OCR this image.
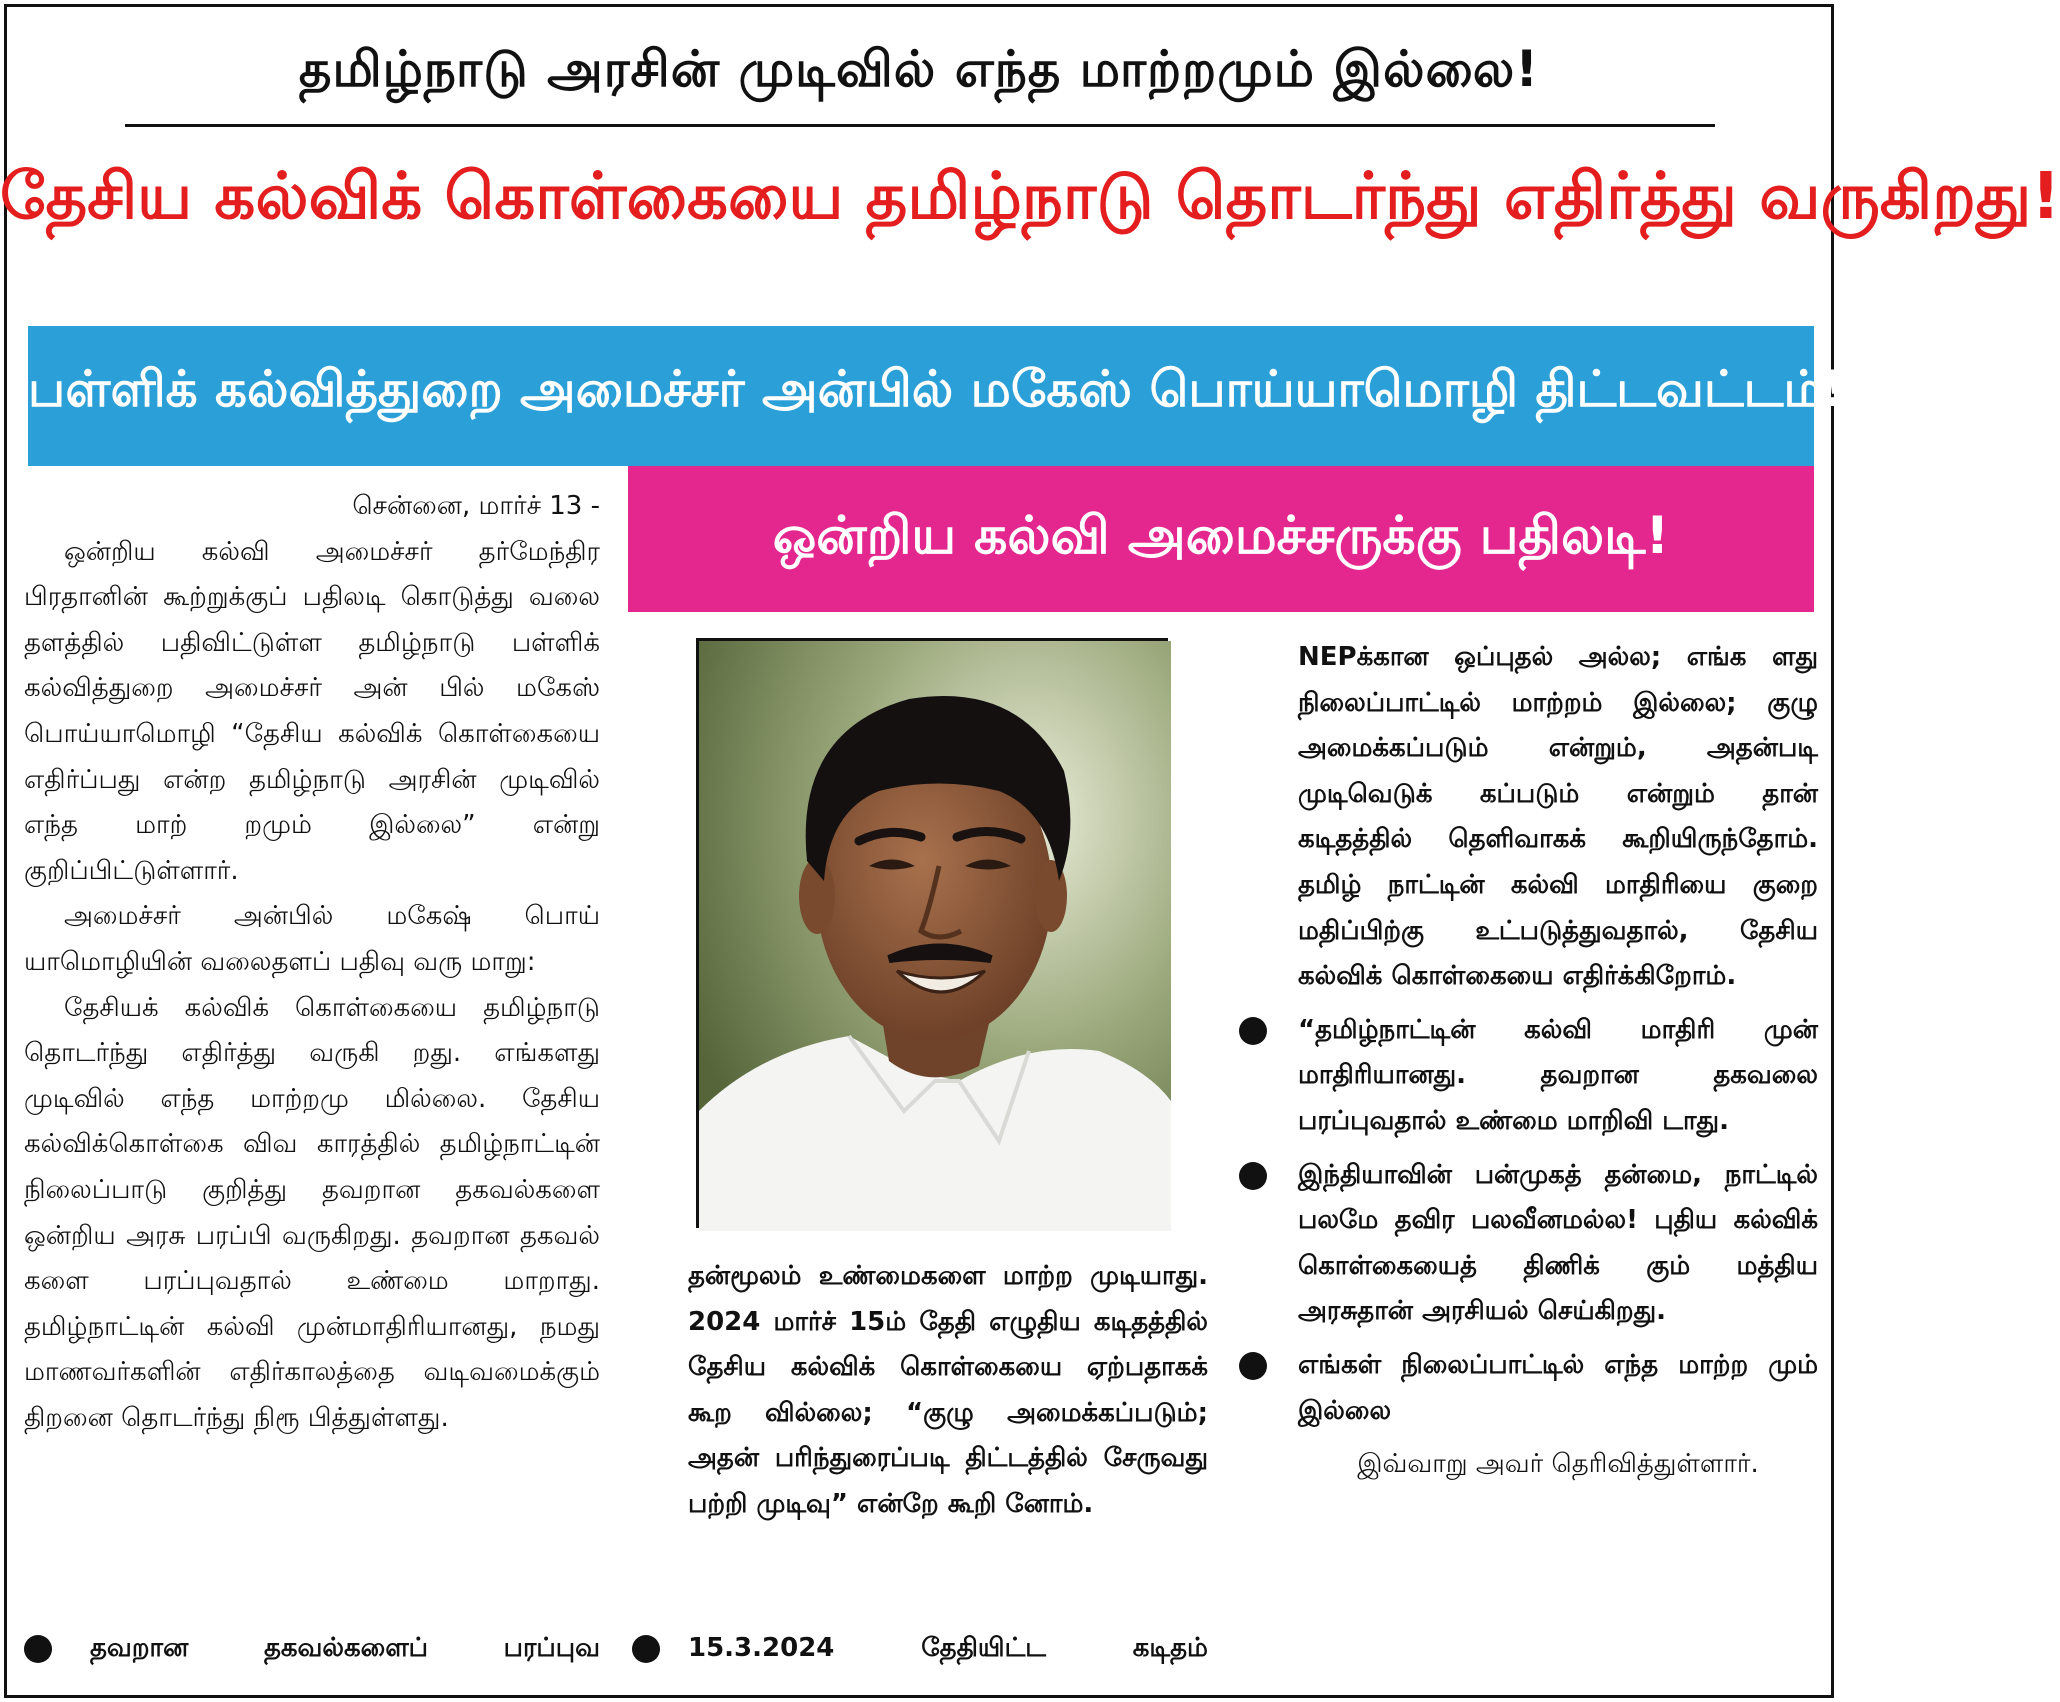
தமிழ்நாடு அரசின் முடிவில் எந்த மாற்றமும் இல்லை!
தேசிய கல்விக் கொள்கையை தமிழ்நாடு தொடர்ந்து எதிர்த்து வருகிறது!
பள்ளிக் கல்வித்துறை அமைச்சர் அன்பில் மகேஸ் பொய்யாமொழி திட்டவட்டம்!
ஒன்றிய கல்வி அமைச்சருக்கு பதிலடி!

சென்னை, மார்ச் 13 -

ஒன்றிய கல்வி அமைச்சர் தர்மேந்திர பிரதானின் கூற்றுக்குப் பதிலடி கொடுத்து வலை தளத்தில் பதிவிட்டுள்ள தமிழ்நாடு பள்ளிக் கல்வித்துறை அமைச்சர் அன் பில் மகேஸ் பொய்யாமொழி “தேசிய கல்விக் கொள்கையை எதிர்ப்பது என்ற தமிழ்நாடு அரசின் முடிவில் எந்த மாற் றமும் இல்லை” என்று குறிப்பிட்டுள்ளார்.

அமைச்சர் அன்பில் மகேஷ் பொய் யாமொழியின் வலைதளப் பதிவு வரு மாறு:

தேசியக் கல்விக் கொள்கையை தமிழ்நாடு தொடர்ந்து எதிர்த்து வருகி றது. எங்களது முடிவில் எந்த மாற்றமு மில்லை. தேசிய கல்விக்கொள்கை விவ காரத்தில் தமிழ்நாட்டின் நிலைப்பாடு குறித்து தவறான தகவல்களை ஒன்றிய அரசு பரப்பி வருகிறது. தவறான தகவல் களை பரப்புவதால் உண்மை மாறாது. தமிழ்நாட்டின் கல்வி முன்மாதிரியானது, நமது மாணவர்களின் எதிர்காலத்தை வடிவமைக்கும் திறனை தொடர்ந்து நிரூ பித்துள்ளது.

தவறான	தகவல்களைப்	பரப்புவ

தன்மூலம் உண்மைகளை மாற்ற முடியாது. 2024 மார்ச் 15ம் தேதி எழுதிய கடிதத்தில் தேசிய கல்விக் கொள்கையை ஏற்பதாகக் கூற வில்லை; “குழு அமைக்கப்படும்; அதன் பரிந்துரைப்படி திட்டத்தில் சேருவது பற்றி முடிவு” என்றே கூறி னோம்.

15.3.2024	தேதியிட்ட	கடிதம்

NEPக்கான ஒப்புதல் அல்ல; எங்க ளது நிலைப்பாட்டில் மாற்றம் இல்லை; குழு அமைக்கப்படும் என்றும், அதன்படி முடிவெடுக் கப்படும் என்றும் தான் கடிதத்தில் தெளிவாகக் கூறியிருந்தோம். தமிழ் நாட்டின் கல்வி மாதிரியை குறை மதிப்பிற்கு உட்படுத்துவதால், தேசிய கல்விக் கொள்கையை எதிர்க்கிறோம்.

“தமிழ்நாட்டின் கல்வி மாதிரி முன் மாதிரியானது. தவறான தகவலை பரப்புவதால் உண்மை மாறிவி டாது.

இந்தியாவின் பன்முகத் தன்மை, நாட்டில் பலமே தவிர பலவீனமல்ல! புதிய கல்விக் கொள்கையைத் திணிக் கும் மத்திய அரசுதான் அரசியல் செய்கிறது.

எங்கள் நிலைப்பாட்டில் எந்த மாற்ற மும் இல்லை

இவ்வாறு அவர் தெரிவித்துள்ளார்.
